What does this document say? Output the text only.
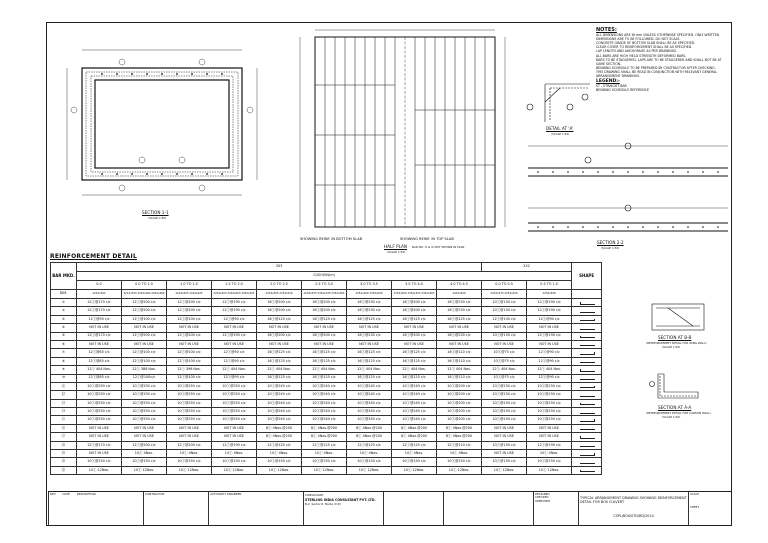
SECTION 1-1
(SCALE 1:50)
SHOWING REINF. IN BOTTOM SLAB	SHOWING REINF. IN TOP SLAB
HALF PLAN
(SCALE 1:50)
BAR NO. ⑨ & ⑩ NOT SHOWN IN PLAN
NOTES:
ALL DIMENSIONS ARE IN mm UNLESS OTHERWISE SPECIFIED. ONLY WRITTEN DIMENSIONS ARE TO BE FOLLOWED. DO NOT SCALE.
CONCRETE GRADE OF BOTTOM SLAB SHALL BE AS SPECIFIED.
CLEAR COVER TO REINFORCEMENT SHALL BE AS SPECIFIED.
LAP LENGTH AND ANCHORAGE AS PER DRAWINGS.
ALL BARS ARE HIGH YIELD STRENGTH DEFORMED BARS.
BARS TO BE STAGGERED. LAPS ARE TO BE STAGGERED AND SHALL NOT BE AT SAME SECTION.
BENDING SCHEDULE TO BE PREPARED BY CONTRACTOR AFTER CHECKING.
THIS DRAWING SHALL BE READ IN CONJUNCTION WITH RELEVANT GENERAL ARRANGEMENT DRAWINGS.
LEGEND:-
ST - STRAIGHT BAR
BENDING SCHEDULE REFERENCE
DETAIL AT 'A'
(SCALE 1:20)
SECTION 2-2
(SCALE 1:50)
SECTION AT B-B
(REINFORCEMENT DETAIL FOR WING WALL)
(SCALE 1:20)
SECTION AT A-A
(REINFORCEMENT DETAIL FOR CURTAIN WALL)
(SCALE 1:20)
REINFORCEMENT DETAIL
BAR MKD.	3X3									2X2		SHAPE
	CUSHION(m)											
	0.0	0.0 TO 1.0	1.0 TO 1.5	1.5 TO 2.0	2.0 TO 2.5	2.5 TO 3.0	3.0 TO 3.5	3.5 TO 4.0	4.0 TO 4.5	0.0 TO 0.5	0.5 TO 1.0	
DIM.	2224x364	2214x350 2224x460 2324x460	2224x425 2224x425	2254x403 2224x403 2354x403	2254x455 2354x430	2254x350 2354x430 2354x463	2254x400 2354x400	2354x400 2354x450 2354x463	2434x400	2254x475 2254x430	2254x308	
①	12ⓣ@170 c/c	12ⓣ@200 c/c	12ⓣ@200 c/c	12ⓣ@190 c/c	16ⓣ@200 c/c	16ⓣ@200 c/c	16ⓣ@230 c/c	16ⓣ@200 c/c	16ⓣ@230 c/c	10ⓣ@150 c/c	12ⓣ@190 c/c	

②	12ⓣ@170 c/c	12ⓣ@200 c/c	12ⓣ@200 c/c	12ⓣ@190 c/c	16ⓣ@200 c/c	16ⓣ@200 c/c	16ⓣ@230 c/c	16ⓣ@200 c/c	16ⓣ@230 c/c	10ⓣ@150 c/c	12ⓣ@190 c/c	

③	12ⓣ@90 c/c	12ⓣ@100 c/c	12ⓣ@100 c/c	12ⓣ@90 c/c	16ⓣ@125 c/c	16ⓣ@125 c/c	16ⓣ@125 c/c	16ⓣ@125 c/c	16ⓣ@125 c/c	12ⓣ@100 c/c	12ⓣ@90 c/c	

④	NOT IN USE	NOT IN USE	NOT IN USE	NOT IN USE	NOT IN USE	NOT IN USE	NOT IN USE	NOT IN USE	NOT IN USE	NOT IN USE	NOT IN USE	

⑤	12ⓣ@170 c/c	12ⓣ@200 c/c	12ⓣ@200 c/c	12ⓣ@190 c/c	16ⓣ@200 c/c	16ⓣ@200 c/c	16ⓣ@230 c/c	16ⓣ@200 c/c	16ⓣ@230 c/c	10ⓣ@150 c/c	12ⓣ@190 c/c	

⑥	NOT IN USE	NOT IN USE	NOT IN USE	NOT IN USE	NOT IN USE	NOT IN USE	NOT IN USE	NOT IN USE	NOT IN USE	NOT IN USE	NOT IN USE	

⑦	12ⓣ@85 c/c	12ⓣ@100 c/c	12ⓣ@100 c/c	12ⓣ@90 c/c	16ⓣ@125 c/c	16ⓣ@125 c/c	16ⓣ@125 c/c	16ⓣ@125 c/c	16ⓣ@110 c/c	10ⓣ@75 c/c	12ⓣ@90 c/c	

⑧	12ⓣ@85 c/c	12ⓣ@100 c/c	12ⓣ@100 c/c	12ⓣ@90 c/c	16ⓣ@125 c/c	16ⓣ@125 c/c	16ⓣ@125 c/c	16ⓣ@125 c/c	16ⓣ@110 c/c	10ⓣ@75 c/c	12ⓣ@90 c/c	

⑨	12ⓣ 404 Nos.	12ⓣ 388 Nos.	12ⓣ 396 Nos.	12ⓣ 404 Nos.	12ⓣ 404 Nos.	12ⓣ 404 Nos.	12ⓣ 404 Nos.	12ⓣ 404 Nos.	12ⓣ 404 Nos.	12ⓣ 404 Nos.	12ⓣ 404 Nos.	

⑩	12ⓣ@85 c/c	12ⓣ@100c/c	12ⓣ@100 c/c	12ⓣ@90 c/c	16ⓣ@125 c/c	16ⓣ@125 c/c	16ⓣ@125 c/c	16ⓣ@125 c/c	16ⓣ@110 c/c	10ⓣ@75 c/c	12ⓣ@90 c/c	

⑪	10ⓣ@250 c/c	10ⓣ@250 c/c	10ⓣ@250 c/c	10ⓣ@250 c/c	10ⓣ@240 c/c	10ⓣ@240 c/c	10ⓣ@240 c/c	10ⓣ@240 c/c	10ⓣ@200 c/c	10ⓣ@250 c/c	10ⓣ@250 c/c	

⑫	10ⓣ@250 c/c	10ⓣ@250 c/c	10ⓣ@250 c/c	10ⓣ@250 c/c	10ⓣ@240 c/c	10ⓣ@240 c/c	10ⓣ@240 c/c	10ⓣ@240 c/c	10ⓣ@200 c/c	10ⓣ@250 c/c	10ⓣ@250 c/c	

⑬	10ⓣ@250 c/c	10ⓣ@250 c/c	10ⓣ@250 c/c	10ⓣ@250 c/c	10ⓣ@240 c/c	10ⓣ@240 c/c	10ⓣ@240 c/c	10ⓣ@240 c/c	10ⓣ@200 c/c	10ⓣ@250 c/c	10ⓣ@250 c/c	

⑭	10ⓣ@250 c/c	10ⓣ@250 c/c	10ⓣ@250 c/c	10ⓣ@250 c/c	10ⓣ@240 c/c	10ⓣ@240 c/c	10ⓣ@240 c/c	10ⓣ@240 c/c	10ⓣ@200 c/c	10ⓣ@250 c/c	10ⓣ@250 c/c	

⑮	10ⓣ@250 c/c	10ⓣ@250 c/c	10ⓣ@250 c/c	10ⓣ@250 c/c	10ⓣ@240 c/c	10ⓣ@240 c/c	10ⓣ@240 c/c	10ⓣ@240 c/c	10ⓣ@200 c/c	10ⓣ@250 c/c	10ⓣ@250 c/c	

⑯	NOT IN USE	NOT IN USE	NOT IN USE	NOT IN USE	8ⓣ 4Nos.@200	8ⓣ 4Nos.@200	8ⓣ 4Nos.@200	8ⓣ 4Nos.@200	8ⓣ 4Nos.@200	NOT IN USE	NOT IN USE	

⑰	NOT IN USE	NOT IN USE	NOT IN USE	NOT IN USE	8ⓣ 4Nos.@200	8ⓣ 4Nos.@200	8ⓣ 4Nos.@200	8ⓣ 4Nos.@200	8ⓣ 4Nos.@200	NOT IN USE	NOT IN USE	

⑱	12ⓣ@170 c/c	12ⓣ@200 c/c	12ⓣ@200 c/c	12ⓣ@190 c/c	12ⓣ@125 c/c	12ⓣ@125 c/c	12ⓣ@125 c/c	12ⓣ@125 c/c	12ⓣ@110 c/c	10ⓣ@150 c/c	12ⓣ@190 c/c	

⑲	NOT IN USE	10ⓣ 4Nos.	10ⓣ 4Nos.	10ⓣ 4Nos.	10ⓣ 4Nos.	10ⓣ 4Nos.	10ⓣ 4Nos.	10ⓣ 4Nos.	10ⓣ 4Nos.	NOT IN USE	10ⓣ 4Nos.	

⑳	10ⓣ@150 c/c	10ⓣ@150 c/c	10ⓣ@150 c/c	10ⓣ@150 c/c	10ⓣ@150 c/c	10ⓣ@150 c/c	10ⓣ@150 c/c	10ⓣ@150 c/c	10ⓣ@150 c/c	10ⓣ@150 c/c	10ⓣ@150 c/c	

㉑	10ⓣ 12Nos.	10ⓣ 12Nos.	10ⓣ 12Nos.	10ⓣ 12Nos.	10ⓣ 12Nos.	10ⓣ 12Nos.	10ⓣ 12Nos.	10ⓣ 12Nos.	10ⓣ 12Nos.	10ⓣ 12Nos.	10ⓣ 12Nos.	
REV DATE DESCRIPTION	CONTRACTOR	AUTHORITY ENGINEER	CONSULTANT
STERLING INDIA CONSULTANT PVT. LTD.
B-2, Sector-8, Noida (U.P.)
DESIGNED
CHECKED
APPROVED
TYPICAL ARRANGEMENT DRAWING SHOWING REINFORCEMENT DETAIL FOR BOX CULVERT
CSPL/BOX/STD/RD/2014
SCALE
SHEET
